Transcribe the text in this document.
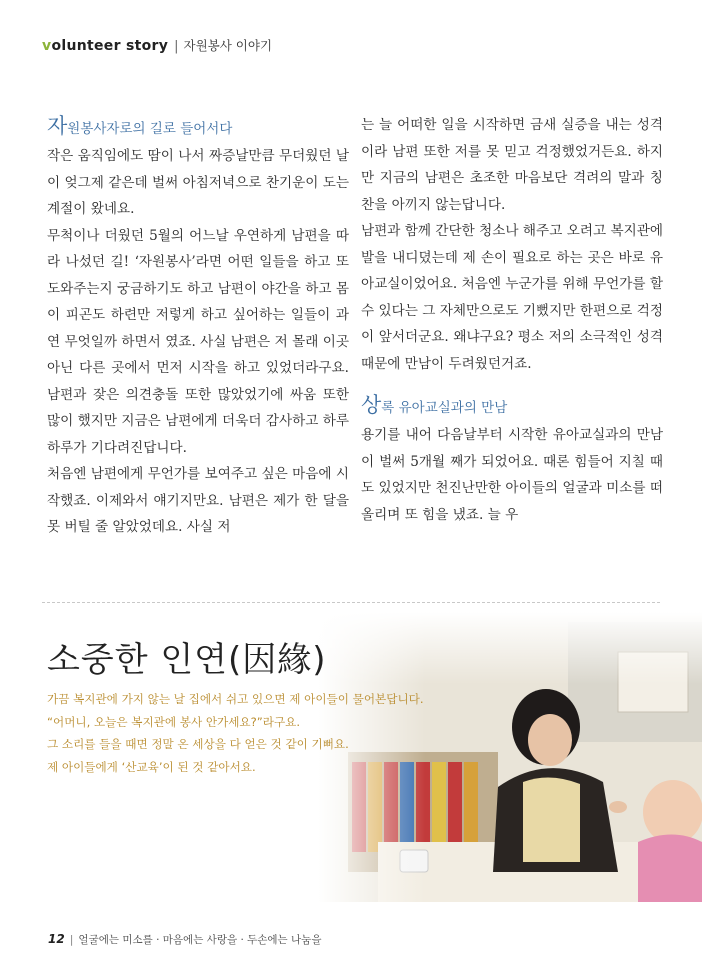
volunteer story | 자원봉사 이야기
자원봉사자로의 길로 들어서다

작은 움직임에도 땀이 나서 짜증날만큼 무더웠던 날이 엊그제 같은데 벌써 아침저녁으로 찬기운이 도는 계절이 왔네요.

무척이나 더웠던 5월의 어느날 우연하게 남편을 따라 나섰던 길! ‘자원봉사’라면 어떤 일들을 하고 또 도와주는지 궁금하기도 하고 남편이 야간을 하고 몸이 피곤도 하련만 저렇게 하고 싶어하는 일들이 과연 무엇일까 하면서 였죠. 사실 남편은 저 몰래 이곳 아닌 다른 곳에서 먼저 시작을 하고 있었더라구요. 남편과 잦은 의견충돌 또한 많았었기에 싸움 또한 많이 했지만 지금은 남편에게 더욱더 감사하고 하루하루가 기다려진답니다.

처음엔 남편에게 무언가를 보여주고 싶은 마음에 시작했죠. 이제와서 얘기지만요. 남편은 제가 한 달을 못 버틸 줄 알았었데요. 사실 저

는 늘 어떠한 일을 시작하면 금새 실증을 내는 성격이라 남편 또한 저를 못 믿고 걱정했었거든요. 하지만 지금의 남편은 초조한 마음보단 격려의 말과 칭찬을 아끼지 않는답니다.

남편과 함께 간단한 청소나 해주고 오려고 복지관에 발을 내디뎠는데 제 손이 필요로 하는 곳은 바로 유아교실이었어요. 처음엔 누군가를 위해 무언가를 할 수 있다는 그 자체만으로도 기뻤지만 한편으로 걱정이 앞서더군요. 왜냐구요? 평소 저의 소극적인 성격 때문에 만남이 두려웠던거죠.

상록 유아교실과의 만남

용기를 내어 다음날부터 시작한 유아교실과의 만남이 벌써 5개월 째가 되었어요. 때론 힘들어 지칠 때도 있었지만 천진난만한 아이들의 얼굴과 미소를 떠올리며 또 힘을 냈죠. 늘 우

소중한 인연(因緣)
가끔 복지관에 가지 않는 날 집에서 쉬고 있으면 제 아이들이 물어본답니다.
“어머니, 오늘은 복지관에 봉사 안가세요?”라구요.
그 소리를 들을 때면 정말 온 세상을 다 얻은 것 같이 기뻐요.
제 아이들에게 ‘산교육’이 된 것 같아서요.
12 | 얼굴에는 미소를 · 마음에는 사랑을 · 두손에는 나눔을
